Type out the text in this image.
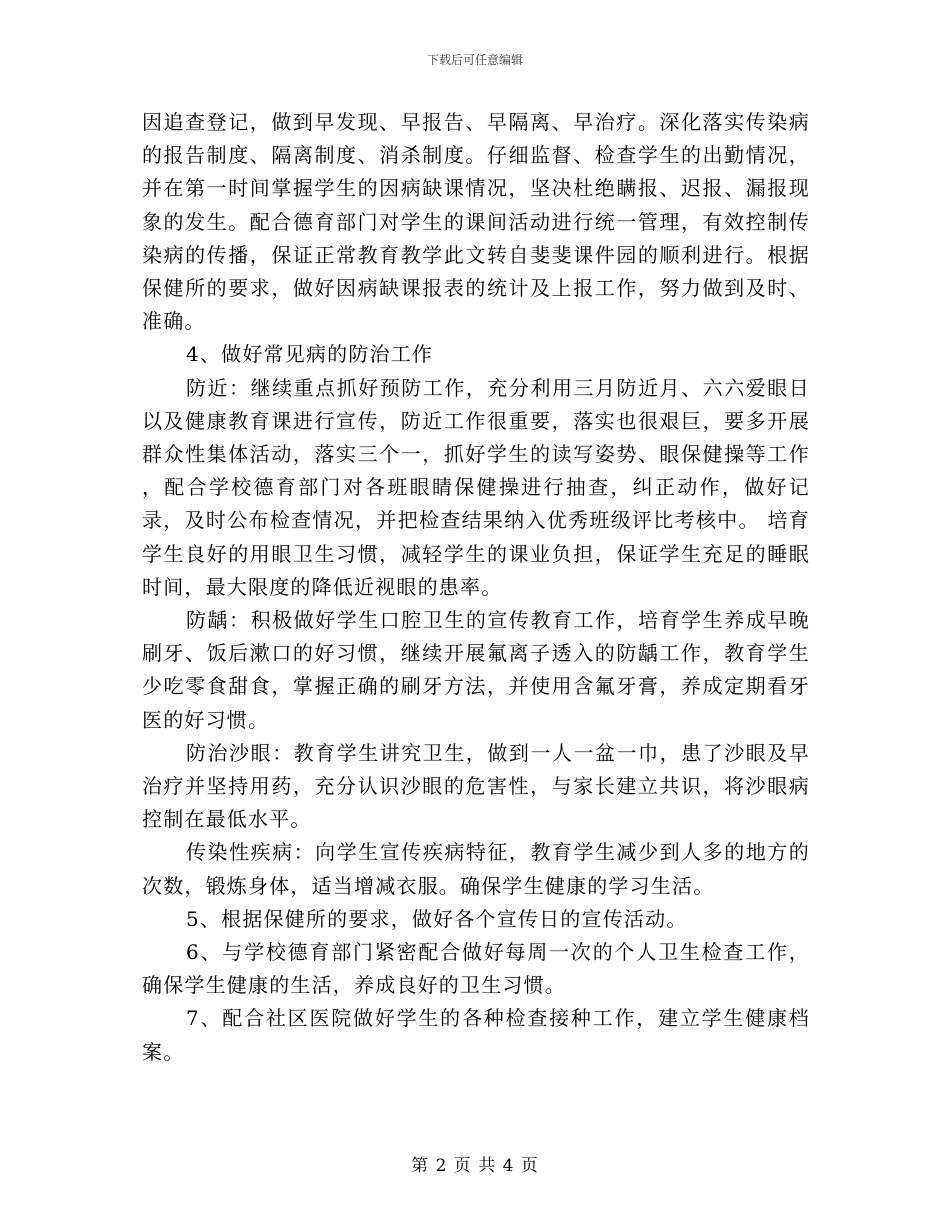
下载后可任意编辑

因追查登记，做到早发现、早报告、早隔离、早治疗。深化落实传染病的报告制度、隔离制度、消杀制度。仔细监督、检查学生的出勤情况，并在第一时间掌握学生的因病缺课情况，坚决杜绝瞒报、迟报、漏报现象的发生。配合德育部门对学生的课间活动进行统一管理，有效控制传染病的传播，保证正常教育教学此文转自斐斐课件园的顺利进行。根据保健所的要求，做好因病缺课报表的统计及上报工作，努力做到及时、准确。

4、做好常见病的防治工作

防近：继续重点抓好预防工作，充分利用三月防近月、六六爱眼日以及健康教育课进行宣传，防近工作很重要，落实也很艰巨，要多开展群众性集体活动，落实三个一，抓好学生的读写姿势、眼保健操等工作 ，配合学校德育部门对各班眼睛保健操进行抽查，纠正动作，做好记录，及时公布检查情况，并把检查结果纳入优秀班级评比考核中。 培育学生良好的用眼卫生习惯，减轻学生的课业负担，保证学生充足的睡眠时间，最大限度的降低近视眼的患率。

防龋：积极做好学生口腔卫生的宣传教育工作，培育学生养成早晚刷牙、饭后漱口的好习惯，继续开展氟离子透入的防龋工作，教育学生少吃零食甜食，掌握正确的刷牙方法，并使用含氟牙膏，养成定期看牙医的好习惯。

防治沙眼：教育学生讲究卫生，做到一人一盆一巾，患了沙眼及早治疗并坚持用药，充分认识沙眼的危害性，与家长建立共识，将沙眼病控制在最低水平。

传染性疾病：向学生宣传疾病特征，教育学生减少到人多的地方的次数，锻炼身体，适当增减衣服。确保学生健康的学习生活。

5、根据保健所的要求，做好各个宣传日的宣传活动。

6、与学校德育部门紧密配合做好每周一次的个人卫生检查工作，确保学生健康的生活，养成良好的卫生习惯。

7、配合社区医院做好学生的各种检查接种工作，建立学生健康档案。

第 2 页 共 4 页
